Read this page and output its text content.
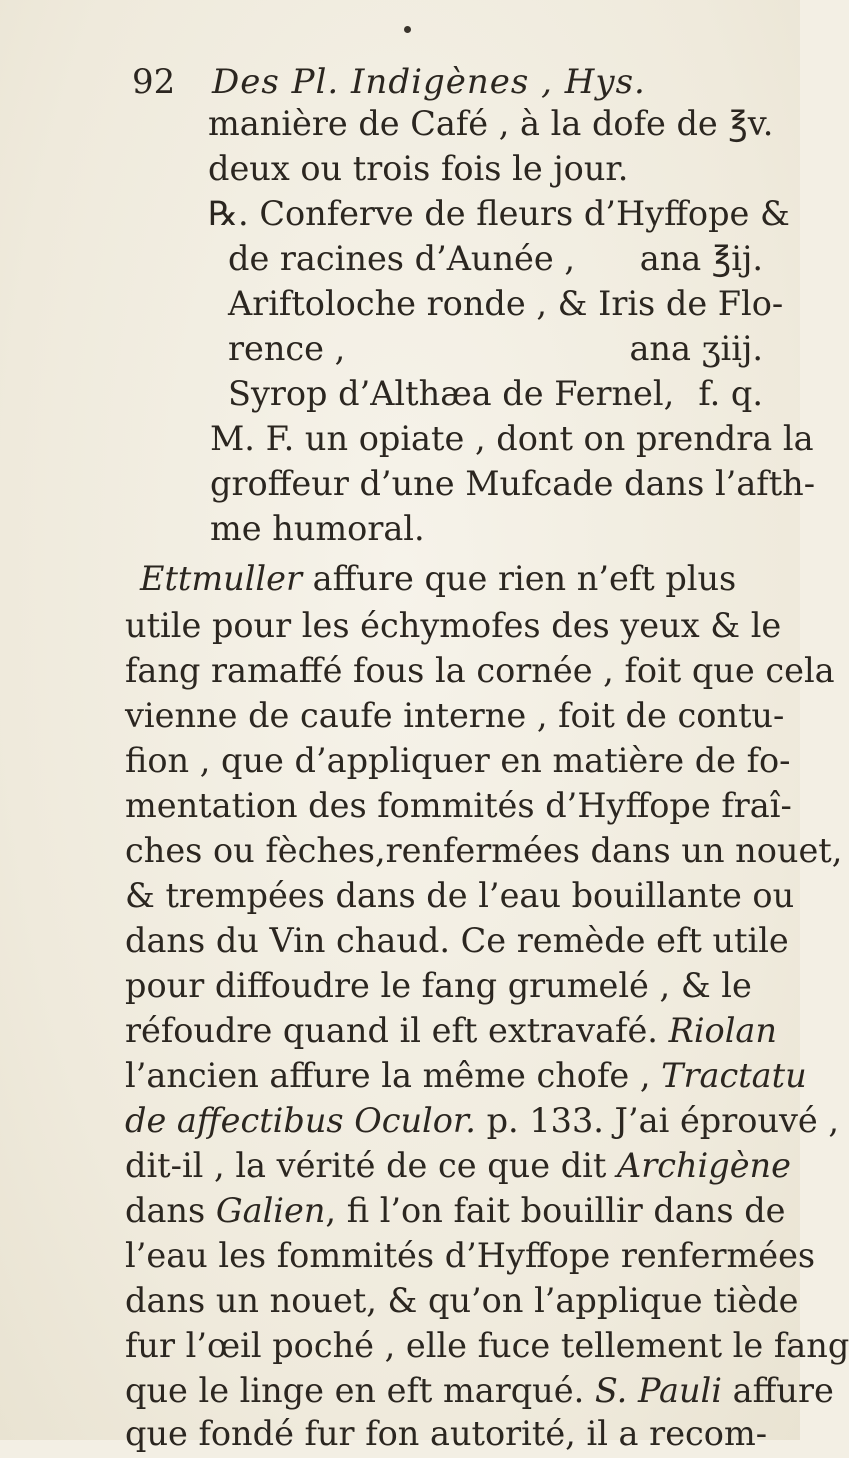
92 Des Pl. Indigènes , Hys.
manière de Café , à la dofe de ℥v.
deux ou trois fois le jour.
℞. Conferve de fleurs d’Hyffope &
de racines d’Aunée , ana ℥ij.
Ariftoloche ronde , & Iris de Flo-
rence ,	ana ʒiij.
Syrop d’Althæa de Fernel, f. q.
M. F. un opiate , dont on prendra la
groffeur d’une Mufcade dans l’afth-
me humoral.
Ettmuller affure que rien n’eft plus
utile pour les échymofes des yeux & le
fang ramaffé fous la cornée , foit que cela
vienne de caufe interne , foit de contu-
fion , que d’appliquer en matière de fo-
mentation des fommités d’Hyffope fraî-
ches ou fèches,renfermées dans un nouet,
& trempées dans de l’eau bouillante ou
dans du Vin chaud. Ce remède eft utile
pour diffoudre le fang grumelé , & le
réfoudre quand il eft extravafé. Riolan
l’ancien affure la même chofe , Tractatu
de affectibus Oculor. p. 133. J’ai éprouvé ,
dit-il , la vérité de ce que dit Archigène
dans Galien, fi l’on fait bouillir dans de
l’eau les fommités d’Hyffope renfermées
dans un nouet, & qu’on l’applique tiède
fur l’œil poché , elle fuce tellement le fang
que le linge en eft marqué. S. Pauli affure
que fondé fur fon autorité, il a recom-
